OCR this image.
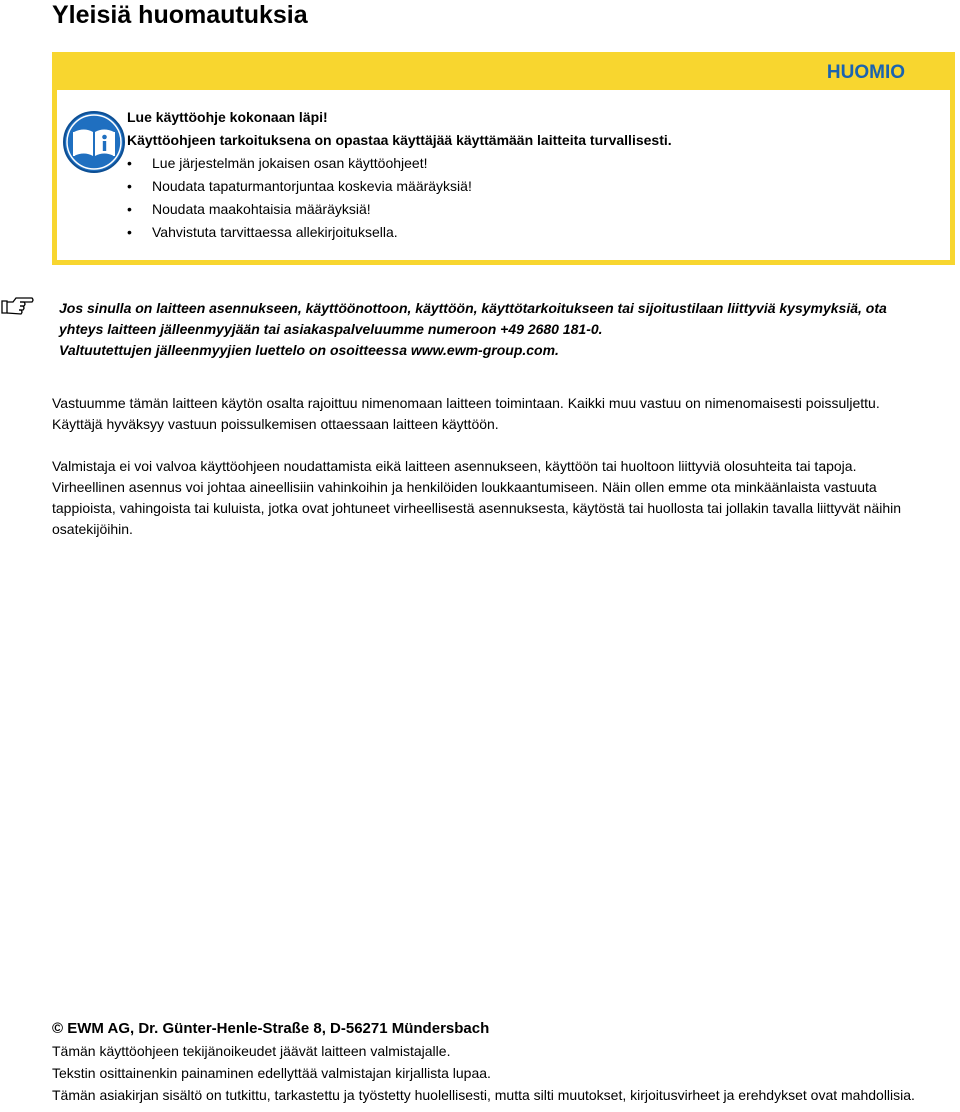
Yleisiä huomautuksia
HUOMIO
Lue käyttöohje kokonaan läpi!
Käyttöohjeen tarkoituksena on opastaa käyttäjää käyttämään laitteita turvallisesti.
• Lue järjestelmän jokaisen osan käyttöohjeet!
• Noudata tapaturmantorjuntaa koskevia määräyksiä!
• Noudata maakohtaisia määräyksiä!
• Vahvistuta tarvittaessa allekirjoituksella.
Jos sinulla on laitteen asennukseen, käyttöönottoon, käyttöön, käyttötarkoitukseen tai sijoitustilaan liittyviä kysymyksiä, ota
yhteys laitteen jälleenmyyjään tai asiakaspalveluumme numeroon +49 2680 181-0.
Valtuutettujen jälleenmyyjien luettelo on osoitteessa www.ewm-group.com.
Vastuumme tämän laitteen käytön osalta rajoittuu nimenomaan laitteen toimintaan. Kaikki muu vastuu on nimenomaisesti poissuljettu.
Käyttäjä hyväksyy vastuun poissulkemisen ottaessaan laitteen käyttöön.
Valmistaja ei voi valvoa käyttöohjeen noudattamista eikä laitteen asennukseen, käyttöön tai huoltoon liittyviä olosuhteita tai tapoja.
Virheellinen asennus voi johtaa aineellisiin vahinkoihin ja henkilöiden loukkaantumiseen. Näin ollen emme ota minkäänlaista vastuuta
tappioista, vahingoista tai kuluista, jotka ovat johtuneet virheellisestä asennuksesta, käytöstä tai huollosta tai jollakin tavalla liittyvät näihin
osatekijöihin.
© EWM AG, Dr. Günter-Henle-Straße 8, D-56271 Mündersbach
Tämän käyttöohjeen tekijänoikeudet jäävät laitteen valmistajalle.
Tekstin osittainenkin painaminen edellyttää valmistajan kirjallista lupaa.
Tämän asiakirjan sisältö on tutkittu, tarkastettu ja työstetty huolellisesti, mutta silti muutokset, kirjoitusvirheet ja erehdykset ovat mahdollisia.
